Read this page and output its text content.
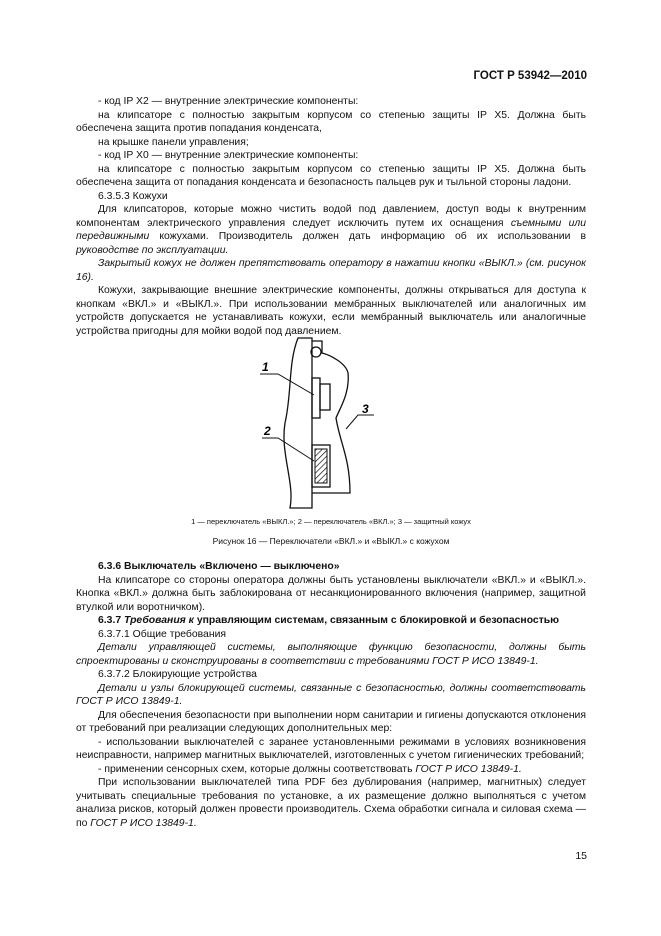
ГОСТ Р 53942—2010

- код IP X2 — внутренние электрические компоненты:

на клипсаторе с полностью закрытым корпусом со степенью защиты IP X5. Должна быть обеспечена защита против попадания конденсата,

на крышке панели управления;

- код IP X0 — внутренние электрические компоненты:

на клипсаторе с полностью закрытым корпусом со степенью защиты IP X5. Должна быть обеспечена защита от попадания конденсата и безопасность пальцев рук и тыльной стороны ладони.

6.3.5.3 Кожухи

Для клипсаторов, которые можно чистить водой под давлением, доступ воды к внутренним компонентам электрического управления следует исключить путем их оснащения съемными или передвижными кожухами. Производитель должен дать информацию об их использовании в руководстве по эксплуатации.

Закрытый кожух не должен препятствовать оператору в нажатии кнопки «ВЫКЛ.» (см. рисунок 16).

Кожухи, закрывающие внешние электрические компоненты, должны открываться для доступа к кнопкам «ВКЛ.» и «ВЫКЛ.». При использовании мембранных выключателей или аналогичных им устройств допускается не устанавливать кожухи, если мембранный выключатель или аналогичные устройства пригодны для мойки водой под давлением.

1
2
3
1 — переключатель «ВЫКЛ.»; 2 — переключатель «ВКЛ.»; 3 — защитный кожух
Рисунок 16 — Переключатели «ВКЛ.» и «ВЫКЛ.» с кожухом

6.3.6 Выключатель «Включено — выключено»

На клипсаторе со стороны оператора должны быть установлены выключатели «ВКЛ.» и «ВЫКЛ.». Кнопка «ВКЛ.» должна быть заблокирована от несанкционированного включения (например, защитной втулкой или воротничком).

6.3.7 Требования к управляющим системам, связанным с блокировкой и безопасностью

6.3.7.1 Общие требования

Детали управляющей системы, выполняющие функцию безопасности, должны быть спроектированы и сконструированы в соответствии с требованиями ГОСТ Р ИСО 13849-1.

6.3.7.2 Блокирующие устройства

Детали и узлы блокирующей системы, связанные с безопасностью, должны соответствовать ГОСТ Р ИСО 13849-1.

Для обеспечения безопасности при выполнении норм санитарии и гигиены допускаются отклонения от требований при реализации следующих дополнительных мер:

- использовании выключателей с заранее установленными режимами в условиях возникновения неисправности, например магнитных выключателей, изготовленных с учетом гигиенических требований;

- применении сенсорных схем, которые должны соответствовать ГОСТ Р ИСО 13849-1.

При использовании выключателей типа PDF без дублирования (например, магнитных) следует учитывать специальные требования по установке, а их размещение должно выполняться с учетом анализа рисков, который должен провести производитель. Схема обработки сигнала и силовая схема — по ГОСТ Р ИСО 13849-1.

15
